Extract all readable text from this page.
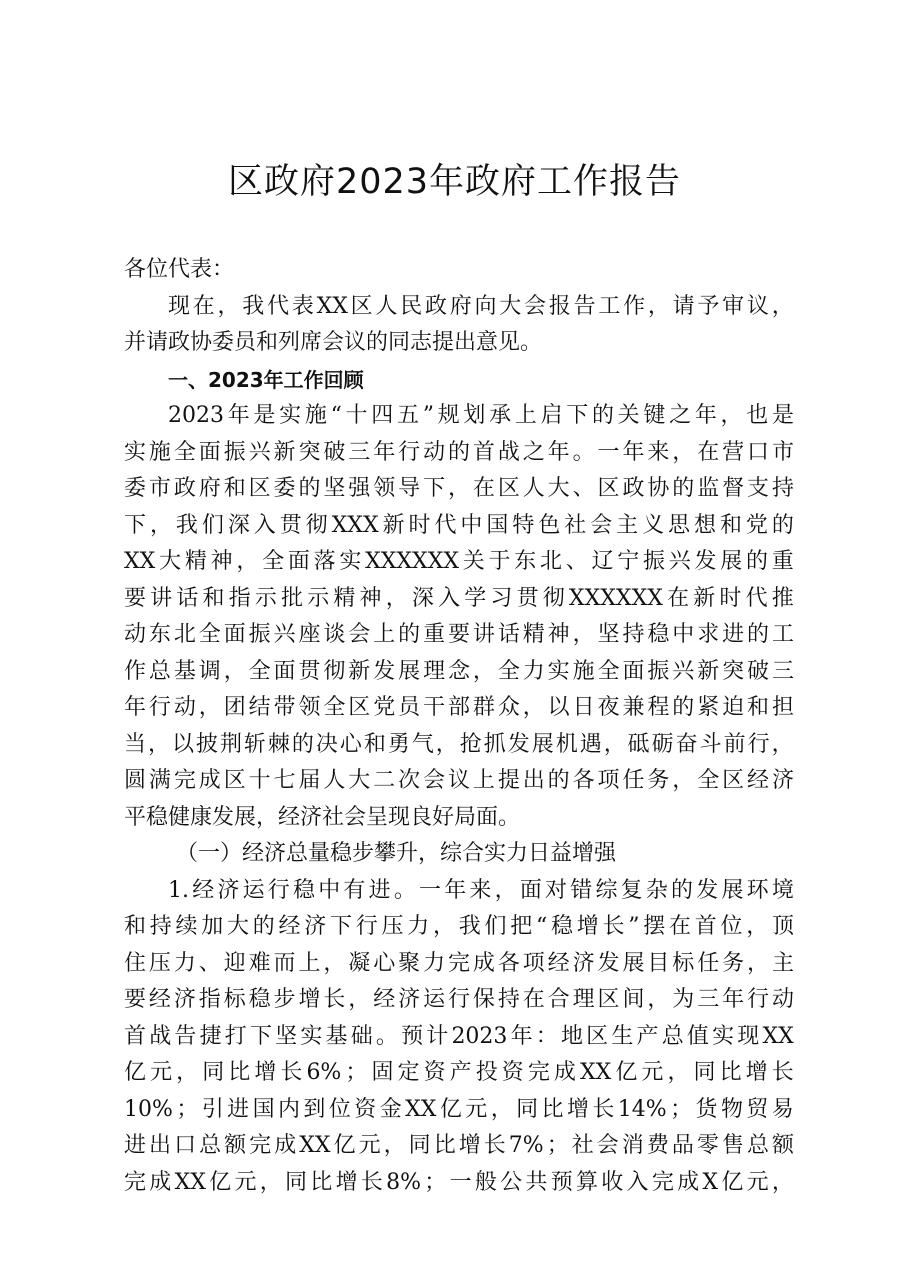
区政府2023年政府工作报告
各位代表：
现 在 ， 我 代 表 XX 区 人 民 政 府 向 大 会 报 告 工 作 ， 请 予 审 议 ，
并请政协委员和列席会议的同志提出意见。
一、2023年工作回顾
2023 年 是 实 施 “ 十 四 五 ” 规 划 承 上 启 下 的 关 键 之 年 ， 也 是
实 施 全 面 振 兴 新 突 破 三 年 行 动 的 首 战 之 年 。 一 年 来 ， 在 营 口 市
委 市 政 府 和 区 委 的 坚 强 领 导 下 ， 在 区 人 大 、 区 政 协 的 监 督 支 持
下 ， 我 们 深 入 贯 彻 XXX 新 时 代 中 国 特 色 社 会 主 义 思 想 和 党 的
XX 大 精 神 ， 全 面 落 实 XXXXXX 关 于 东 北 、 辽 宁 振 兴 发 展 的 重
要 讲 话 和 指 示 批 示 精 神 ， 深 入 学 习 贯 彻 XXXXXX 在 新 时 代 推
动 东 北 全 面 振 兴 座 谈 会 上 的 重 要 讲 话 精 神 ， 坚 持 稳 中 求 进 的 工
作 总 基 调 ， 全 面 贯 彻 新 发 展 理 念 ， 全 力 实 施 全 面 振 兴 新 突 破 三
年 行 动 ， 团 结 带 领 全 区 党 员 干 部 群 众 ， 以 日 夜 兼 程 的 紧 迫 和 担
当 ， 以 披 荆 斩 棘 的 决 心 和 勇 气 ， 抢 抓 发 展 机 遇 ， 砥 砺 奋 斗 前 行 ，
圆 满 完 成 区 十 七 届 人 大 二 次 会 议 上 提 出 的 各 项 任 务 ， 全 区 经 济
平稳健康发展，经济社会呈现良好局面。
（一）经济总量稳步攀升，综合实力日益增强
1. 经 济 运 行 稳 中 有 进 。 一 年 来 ， 面 对 错 综 复 杂 的 发 展 环 境
和 持 续 加 大 的 经 济 下 行 压 力 ， 我 们 把 “ 稳 增 长 ” 摆 在 首 位 ， 顶
住 压 力 、 迎 难 而 上 ， 凝 心 聚 力 完 成 各 项 经 济 发 展 目 标 任 务 ， 主
要 经 济 指 标 稳 步 增 长 ， 经 济 运 行 保 持 在 合 理 区 间 ， 为 三 年 行 动
首 战 告 捷 打 下 坚 实 基 础 。 预 计 2023 年 ： 地 区 生 产 总 值 实 现 XX
亿 元 ， 同 比 增 长 6% ； 固 定 资 产 投 资 完 成 XX 亿 元 ， 同 比 增 长
10% ； 引 进 国 内 到 位 资 金 XX 亿 元 ， 同 比 增 长 14% ； 货 物 贸 易
进 出 口 总 额 完 成 XX 亿 元 ， 同 比 增 长 7% ； 社 会 消 费 品 零 售 总 额
完 成 XX 亿 元 ， 同 比 增 长 8% ； 一 般 公 共 预 算 收 入 完 成 X 亿 元 ，
